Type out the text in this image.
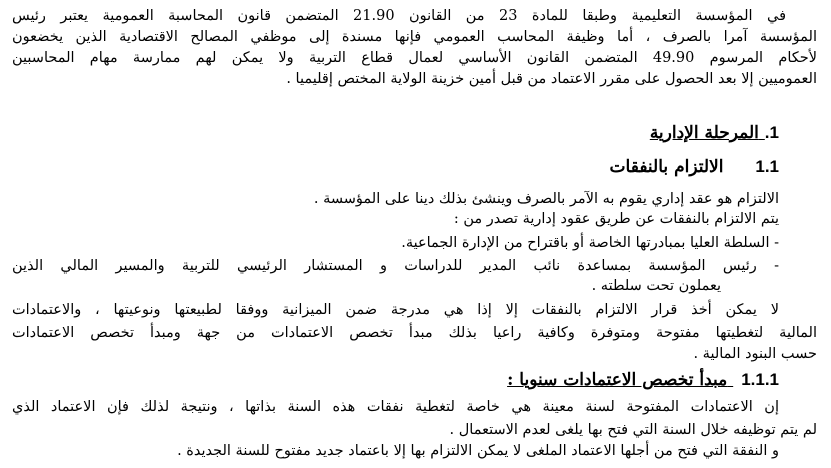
في المؤسسة التعليمية وطبقا للمادة 23 من القانون 21.90 المتضمن قانون المحاسبة العمومية يعتبر رئيس

المؤسسة آمرا بالصرف ، أما وظيفة المحاسب العمومي فإنها مسندة إلى موظفي المصالح الاقتصادية الذين يخضعون

لأحكام المرسوم 49.90 المتضمن القانون الأساسي لعمال قطاع التربية ولا يمكن لهم ممارسة مهام المحاسبين

العموميين إلا بعد الحصول على مقرر الاعتماد من قبل أمين خزينة الولاية المختص إقليميا .

1. المرحلة الإدارية

1.1 الالتزام بالنفقات

الالتزام هو عقد إداري يقوم به الآمر بالصرف وينشئ بذلك دينا على المؤسسة .

يتم الالتزام بالنفقات عن طريق عقود إدارية تصدر من :

- السلطة العليا بمبادرتها الخاصة أو باقتراح من الإدارة الجماعية.

- رئيس المؤسسة بمساعدة نائب المدير للدراسات و المستشار الرئيسي للتربية والمسير المالي الذين

يعملون تحت سلطته .

لا يمكن أخذ قرار الالتزام بالنفقات إلا إذا هي مدرجة ضمن الميزانية ووفقا لطبيعتها ونوعيتها ، والاعتمادات

المالية لتغطيتها مفتوحة ومتوفرة وكافية راعيا بذلك مبدأ تخصص الاعتمادات من جهة ومبدأ تخصص الاعتمادات

حسب البنود المالية .

1.1.1 مبدأ تخصص الاعتمادات سنويا :

إن الاعتمادات المفتوحة لسنة معينة هي خاصة لتغطية نفقات هذه السنة بذاتها ، ونتيجة لذلك فإن الاعتماد الذي

لم يتم توظيفه خلال السنة التي فتح بها يلغى لعدم الاستعمال .

و النفقة التي فتح من أجلها الاعتماد الملغى لا يمكن الالتزام بها إلا باعتماد جديد مفتوح للسنة الجديدة .
